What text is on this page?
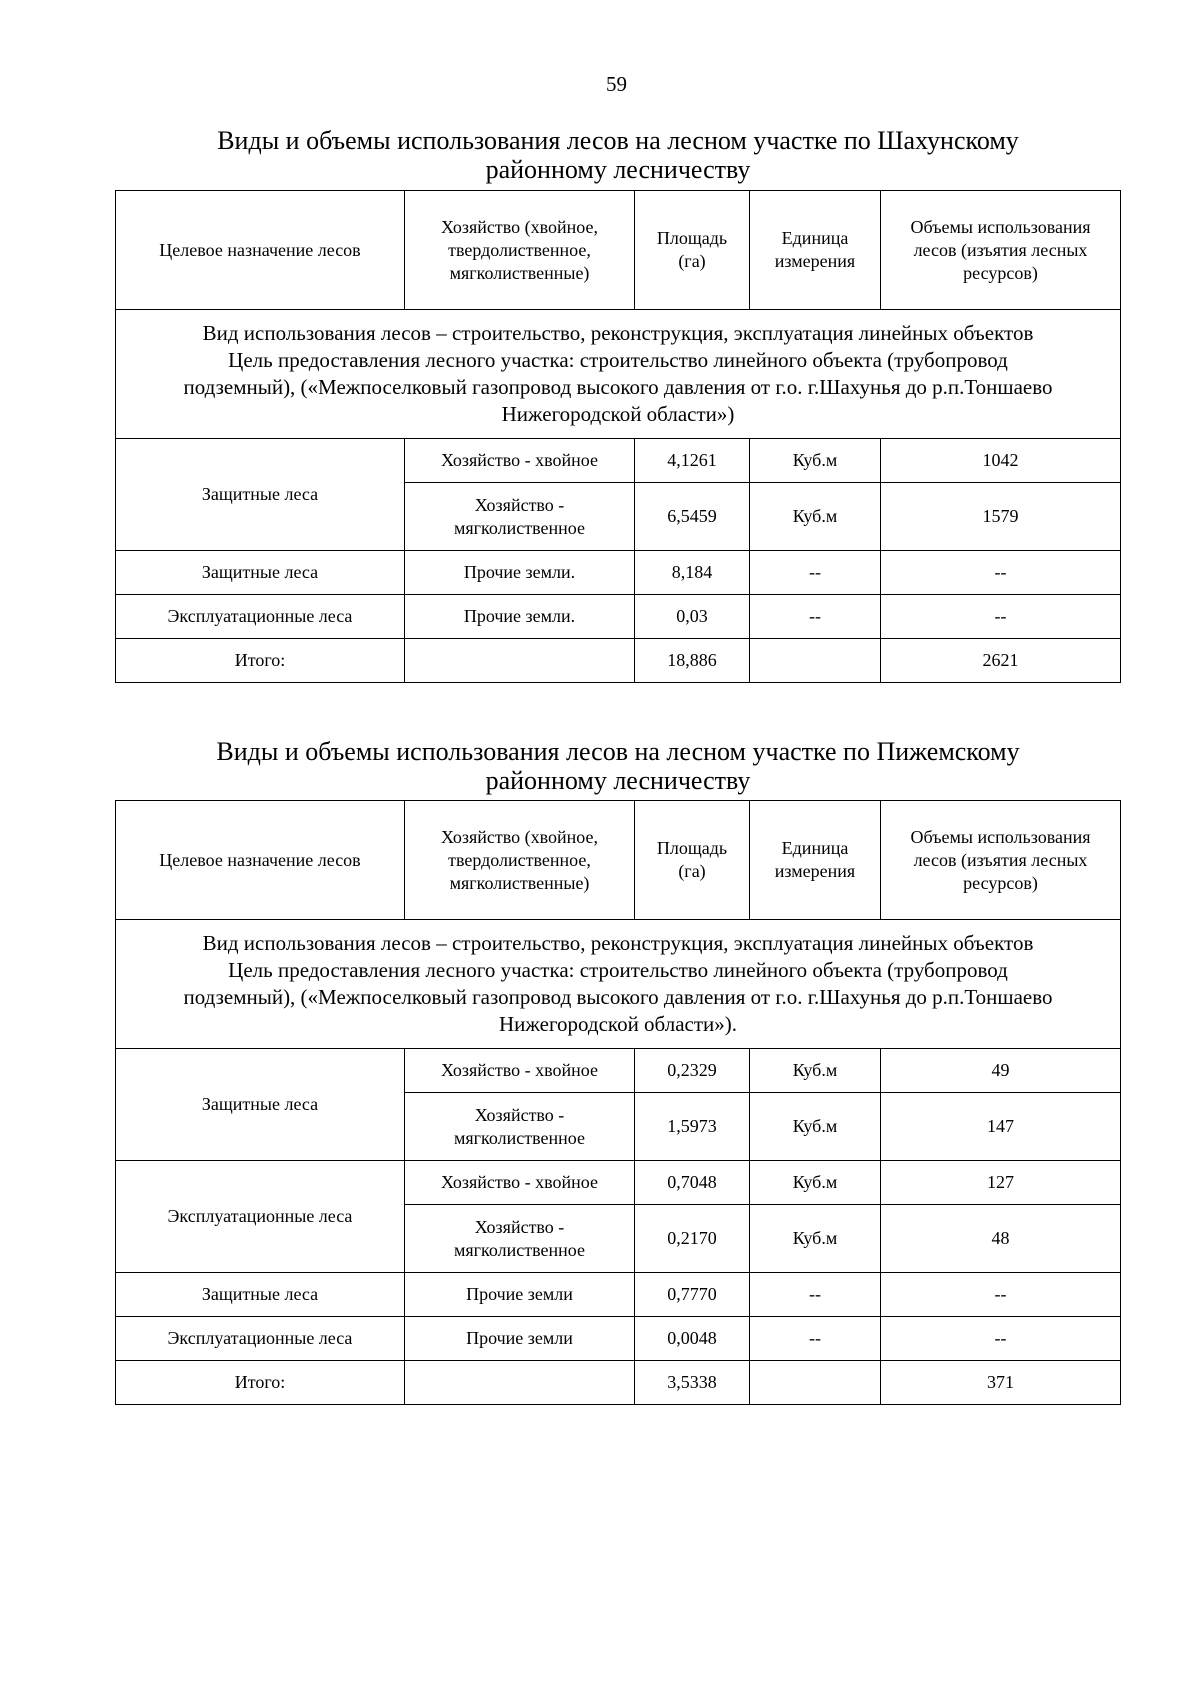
59
Виды и объемы использования лесов на лесном участке по Шахунскому
районному лесничеству
Целевое назначение лесов	Хозяйство (хвойное, твердолиственное, мягколиственные)	Площадь (га)	Единица измерения	Объемы использования лесов (изъятия лесных ресурсов)

Вид использования лесов – строительство, реконструкция, эксплуатация линейных объектов
Цель предоставления лесного участка: строительство линейного объекта (трубопровод
подземный), («Межпоселковый газопровод высокого давления от г.о. г.Шахунья до р.п.Тоншаево
Нижегородской области»)				

Защитные леса	Хозяйство - хвойное	4,1261	Куб.м	1042
	Хозяйство - мягколиственное	6,5459	Куб.м	1579
Защитные леса	Прочие земли.	8,184	--	--
Эксплуатационные леса	Прочие земли.	0,03	--	--
Итого:		18,886		2621
Виды и объемы использования лесов на лесном участке по Пижемскому
районному лесничеству
Целевое назначение лесов	Хозяйство (хвойное, твердолиственное, мягколиственные)	Площадь (га)	Единица измерения	Объемы использования лесов (изъятия лесных ресурсов)

Вид использования лесов – строительство, реконструкция, эксплуатация линейных объектов
Цель предоставления лесного участка: строительство линейного объекта (трубопровод
подземный), («Межпоселковый газопровод высокого давления от г.о. г.Шахунья до р.п.Тоншаево
Нижегородской области»).				

Защитные леса	Хозяйство - хвойное	0,2329	Куб.м	49
	Хозяйство - мягколиственное	1,5973	Куб.м	147
Эксплуатационные леса	Хозяйство - хвойное	0,7048	Куб.м	127
	Хозяйство - мягколиственное	0,2170	Куб.м	48
Защитные леса	Прочие земли	0,7770	--	--
Эксплуатационные леса	Прочие земли	0,0048	--	--
Итого:		3,5338		371
